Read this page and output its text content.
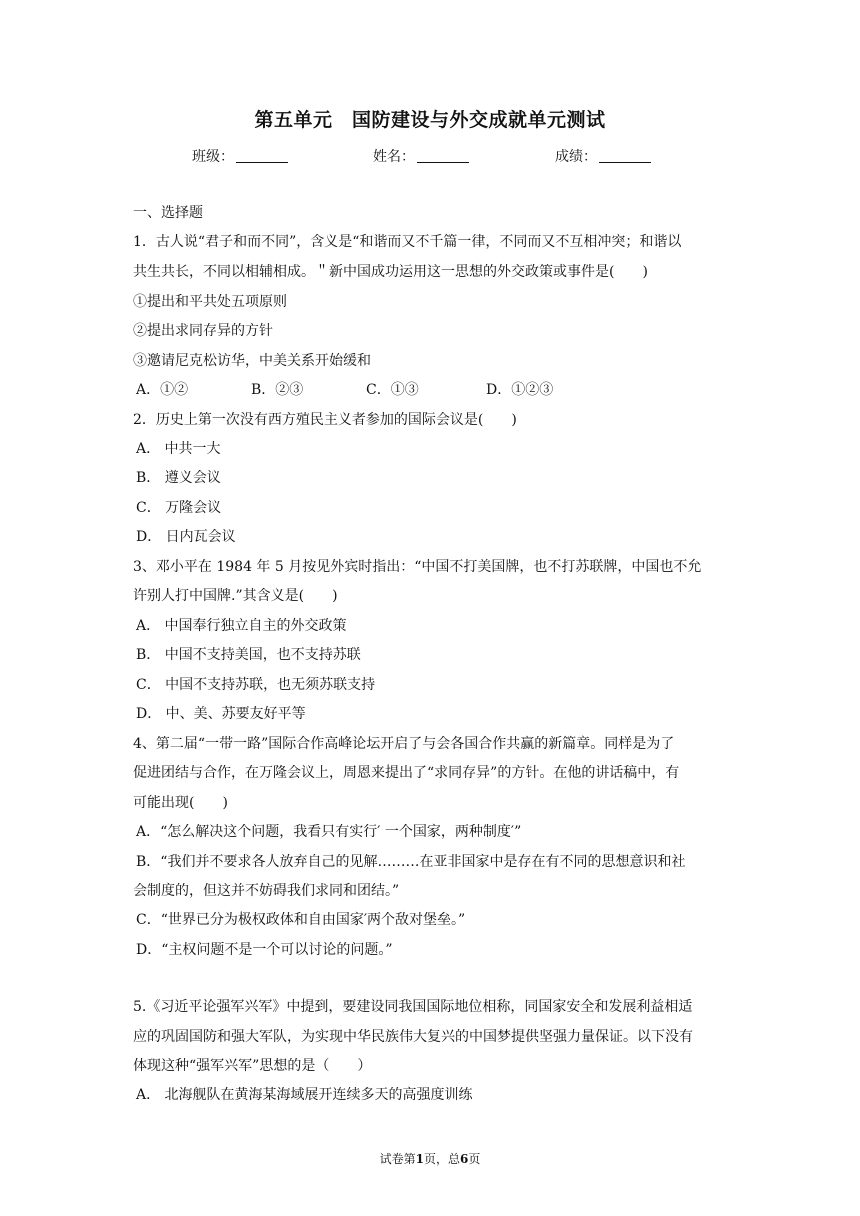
第五单元　国防建设与外交成就单元测试
班级：	姓名：	成绩：
一、选择题
1．古人说“君子和而不同”，含义是“和谐而又不千篇一律，不同而又不互相冲突；和谐以
共生共长，不同以相辅相成。＂新中国成功运用这一思想的外交政策或事件是(　　)
①提出和平共处五项原则
②提出求同存异的方针
③邀请尼克松访华，中美关系开始缓和
A．①②	B．②③	C．①③	D．①②③
2．历史上第一次没有西方殖民主义者参加的国际会议是(　　)
A． 中共一大
B． 遵义会议
C． 万隆会议
D． 日内瓦会议
3、邓小平在 1984 年 5 月按见外宾时指出：“中国不打美国牌，也不打苏联牌，中国也不允
许别人打中国牌.”其含义是(　　)
A． 中国奉行独立自主的外交政策
B． 中国不支持美国，也不支持苏联
C． 中国不支持苏联，也无须苏联支持
D． 中、美、苏要友好平等
4、第二届“一带一路”国际合作高峰论坛开启了与会各国合作共赢的新篇章。同样是为了
促进团结与合作，在万隆会议上，周恩来提出了“求同存异”的方针。在他的讲话稿中，有
可能出现(　　)
A．“怎么解决这个问题，我看只有实行′ 一个国家，两种制度′”
B．“我们并不要求各人放弃自己的见解………在亚非国家中是存在有不同的思想意识和社
会制度的，但这并不妨碍我们求同和团结。”
C．“世界已分为极权政体和自由国家′两个敌对堡垒。”
D．“主权问题不是一个可以讨论的问题。”
5.《习近平论强军兴军》中提到，要建设同我国国际地位相称，同国家安全和发展利益相适
应的巩固国防和强大军队，为实现中华民族伟大复兴的中国梦提供坚强力量保证。以下没有
体现这种“强军兴军”思想的是（　　）
A． 北海舰队在黄海某海域展开连续多天的高强度训练
试卷第1页，总6页
